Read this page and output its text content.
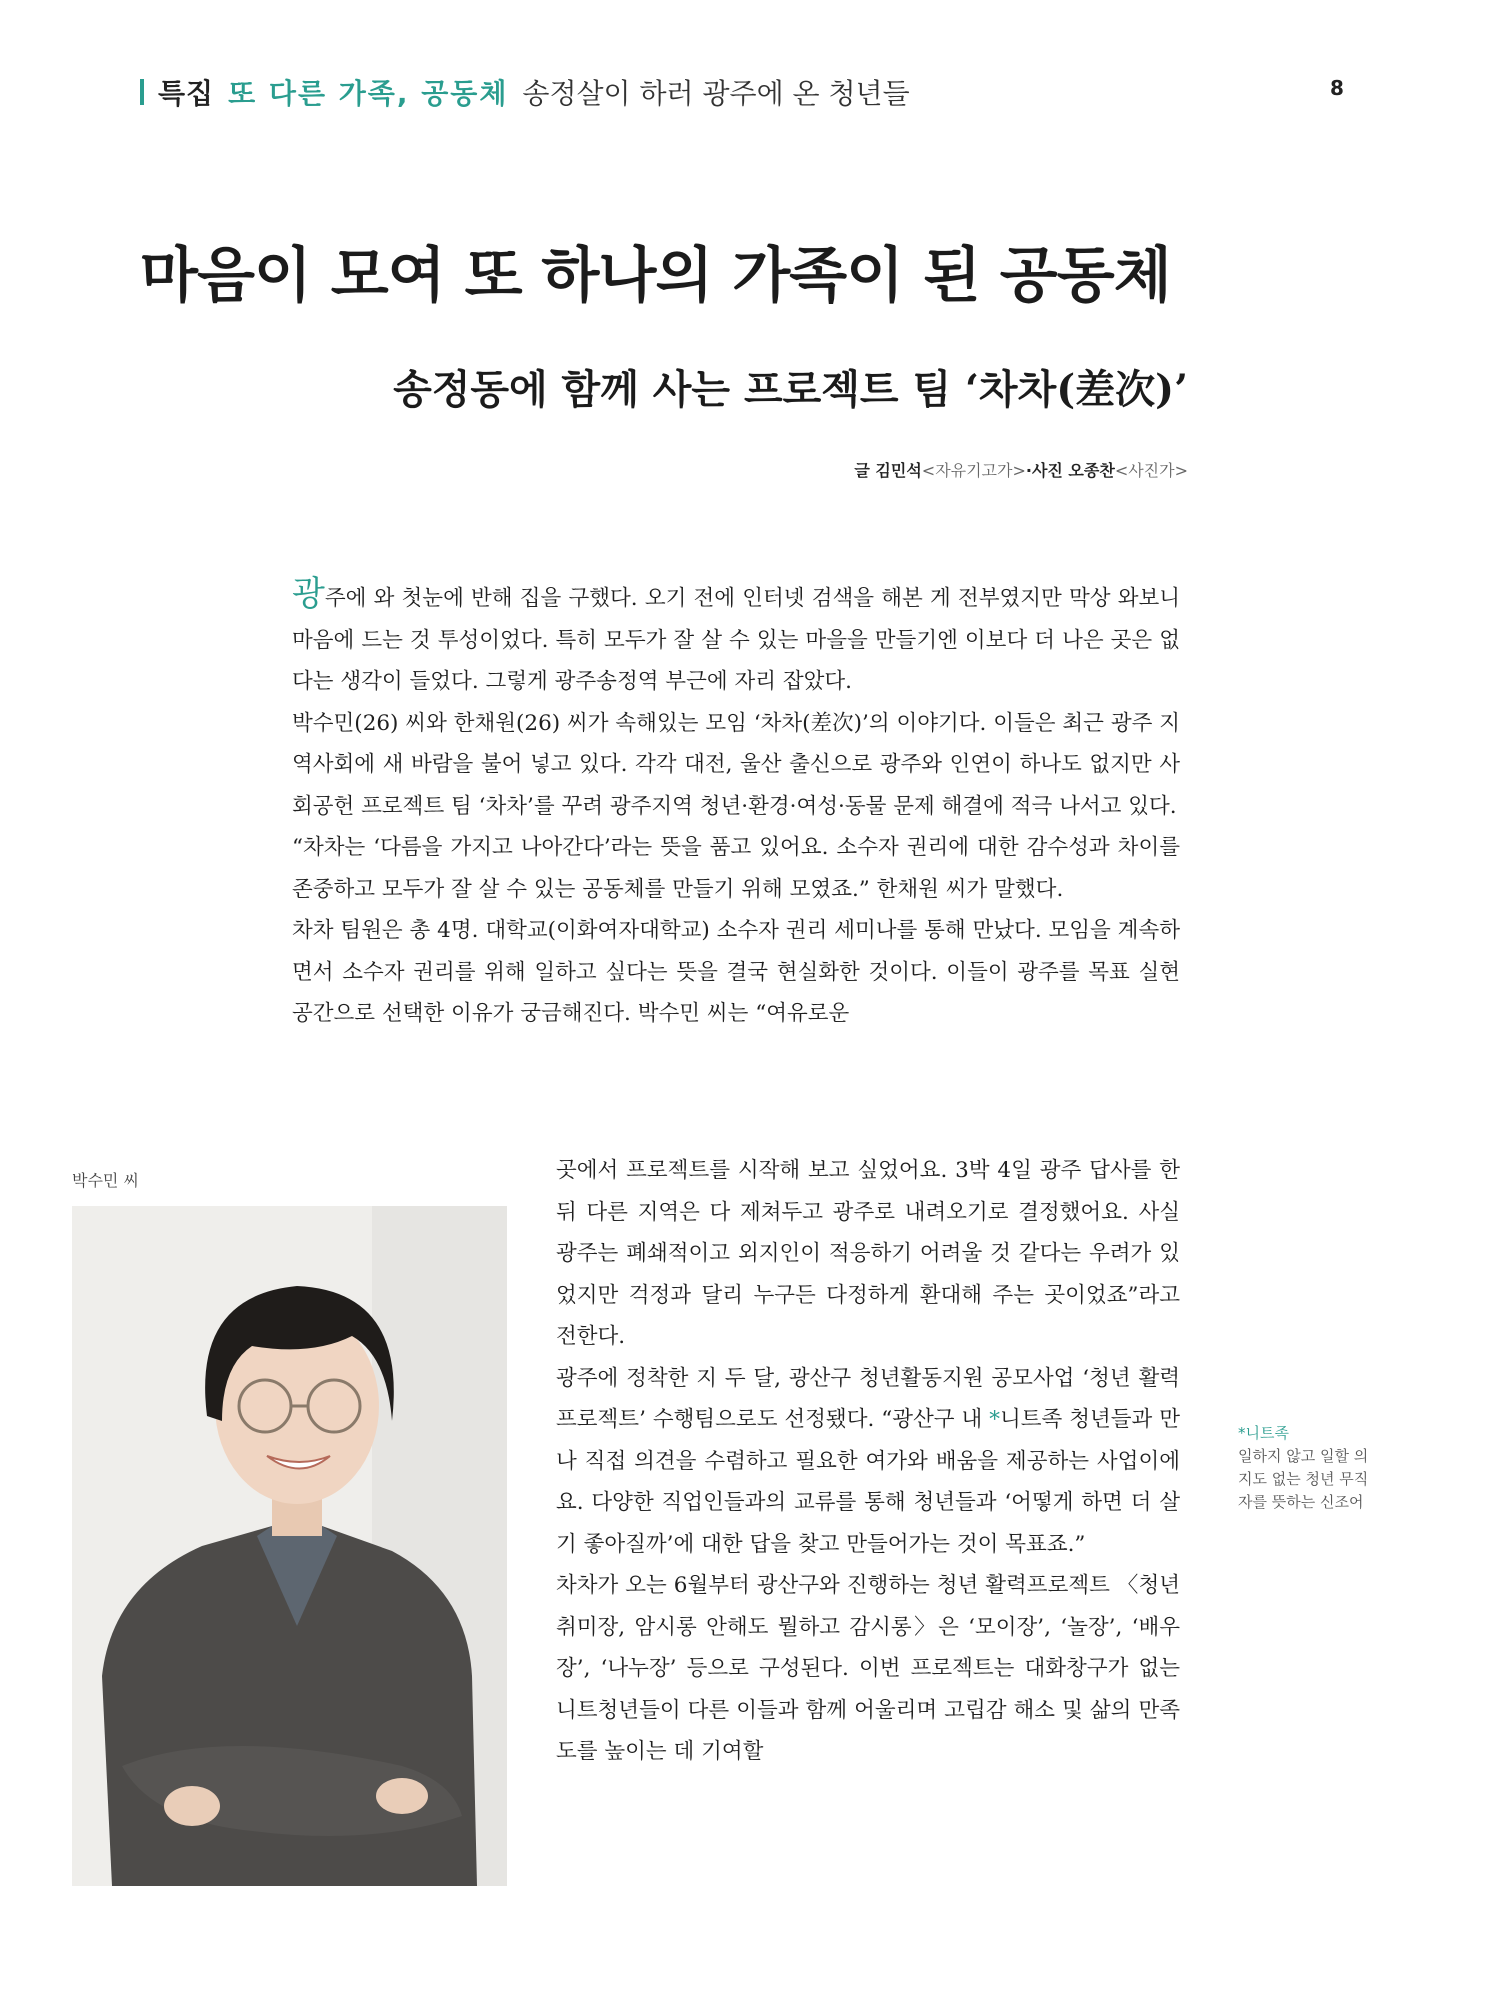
특집 또 다른 가족, 공동체 송정살이 하러 광주에 온 청년들	8
마음이 모여 또 하나의 가족이 된 공동체
송정동에 함께 사는 프로젝트 팀 ‘차차(差次)’
글 김민석<자유기고가>·사진 오종찬<사진가>

광주에 와 첫눈에 반해 집을 구했다. 오기 전에 인터넷 검색을 해본 게 전부였지만 막상 와보니 마음에 드는 것 투성이었다. 특히 모두가 잘 살 수 있는 마을을 만들기엔 이보다 더 나은 곳은 없다는 생각이 들었다. 그렇게 광주송정역 부근에 자리 잡았다.

박수민(26) 씨와 한채원(26) 씨가 속해있는 모임 ‘차차(差次)’의 이야기다. 이들은 최근 광주 지역사회에 새 바람을 불어 넣고 있다. 각각 대전, 울산 출신으로 광주와 인연이 하나도 없지만 사회공헌 프로젝트 팀 ‘차차’를 꾸려 광주지역 청년·환경·여성·동물 문제 해결에 적극 나서고 있다.

“차차는 ‘다름을 가지고 나아간다’라는 뜻을 품고 있어요. 소수자 권리에 대한 감수성과 차이를 존중하고 모두가 잘 살 수 있는 공동체를 만들기 위해 모였죠.” 한채원 씨가 말했다.

차차 팀원은 총 4명. 대학교(이화여자대학교) 소수자 권리 세미나를 통해 만났다. 모임을 계속하면서 소수자 권리를 위해 일하고 싶다는 뜻을 결국 현실화한 것이다. 이들이 광주를 목표 실현 공간으로 선택한 이유가 궁금해진다. 박수민 씨는 “여유로운

박수민 씨	곳에서 프로젝트를 시작해 보고 싶었어요. 3박 4일 광주 답사를 한 뒤 다른 지역은 다 제쳐두고 광주로 내려오기로 결정했어요. 사실 광주는 폐쇄적이고 외지인이 적응하기 어려울 것 같다는 우려가 있었지만 걱정과 달리 누구든 다정하게 환대해 주는 곳이었죠”라고 전한다.

광주에 정착한 지 두 달, 광산구 청년활동지원 공모사업 ‘청년 활력프로젝트’ 수행팀으로도 선정됐다. “광산구 내 *니트족 청년들과 만나 직접 의견을 수렴하고 필요한 여가와 배움을 제공하는 사업이에요. 다양한 직업인들과의 교류를 통해 청년들과 ‘어떻게 하면 더 살기 좋아질까’에 대한 답을 찾고 만들어가는 것이 목표죠.”

차차가 오는 6월부터 광산구와 진행하는 청년 활력프로젝트 〈청년 취미장, 암시롱 안해도 뭘하고 감시롱〉은 ‘모이장’, ‘놀장’, ‘배우장’, ‘나누장’ 등으로 구성된다. 이번 프로젝트는 대화창구가 없는 니트청년들이 다른 이들과 함께 어울리며 고립감 해소 및 삶의 만족도를 높이는 데 기여할

*니트족
일하지 않고 일할 의지도 없는 청년 무직자를 뜻하는 신조어
